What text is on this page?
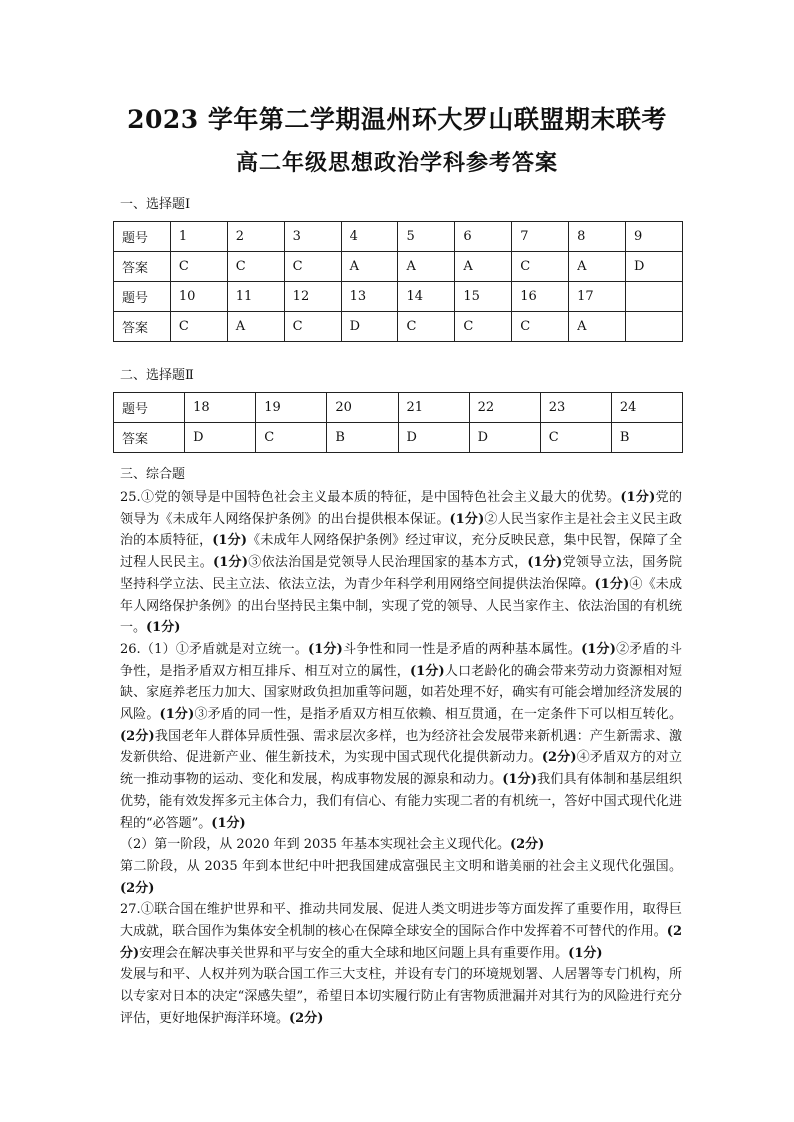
2023 学年第二学期温州环大罗山联盟期末联考
高二年级思想政治学科参考答案
一、选择题Ⅰ
题号	1	2	3	4	5	6	7	8	9
答案	C	C	C	A	A	A	C	A	D
题号	10	11	12	13	14	15	16	17	
答案	C	A	C	D	C	C	C	A	
二、选择题Ⅱ
题号	18	19	20	21	22	23	24
答案	D	C	B	D	D	C	B
三、综合题

25.①党的领导是中国特色社会主义最本质的特征，是中国特色社会主义最大的优势。(1分)党的领导为《未成年人网络保护条例》的出台提供根本保证。(1分)②人民当家作主是社会主义民主政治的本质特征，(1分)《未成年人网络保护条例》经过审议，充分反映民意，集中民智，保障了全过程人民民主。(1分)③依法治国是党领导人民治理国家的基本方式，(1分)党领导立法，国务院坚持科学立法、民主立法、依法立法，为青少年科学利用网络空间提供法治保障。(1分)④《未成年人网络保护条例》的出台坚持民主集中制，实现了党的领导、人民当家作主、依法治国的有机统一。(1分)

26.（1）①矛盾就是对立统一。(1分)斗争性和同一性是矛盾的两种基本属性。(1分)②矛盾的斗争性，是指矛盾双方相互排斥、相互对立的属性，(1分)人口老龄化的确会带来劳动力资源相对短缺、家庭养老压力加大、国家财政负担加重等问题，如若处理不好，确实有可能会增加经济发展的风险。(1分)③矛盾的同一性，是指矛盾双方相互依赖、相互贯通，在一定条件下可以相互转化。(2分)我国老年人群体异质性强、需求层次多样，也为经济社会发展带来新机遇：产生新需求、激发新供给、促进新产业、催生新技术，为实现中国式现代化提供新动力。(2分)④矛盾双方的对立统一推动事物的运动、变化和发展，构成事物发展的源泉和动力。(1分)我们具有体制和基层组织优势，能有效发挥多元主体合力，我们有信心、有能力实现二者的有机统一，答好中国式现代化进程的“必答题”。(1分)

（2）第一阶段，从 2020 年到 2035 年基本实现社会主义现代化。(2分)

第二阶段，从 2035 年到本世纪中叶把我国建成富强民主文明和谐美丽的社会主义现代化强国。(2分)

27.①联合国在维护世界和平、推动共同发展、促进人类文明进步等方面发挥了重要作用，取得巨大成就，联合国作为集体安全机制的核心在保障全球安全的国际合作中发挥着不可替代的作用。(2分)安理会在解决事关世界和平与安全的重大全球和地区问题上具有重要作用。(1分)

发展与和平、人权并列为联合国工作三大支柱，并设有专门的环境规划署、人居署等专门机构，所以专家对日本的决定“深感失望”，希望日本切实履行防止有害物质泄漏并对其行为的风险进行充分评估，更好地保护海洋环境。(2分)
